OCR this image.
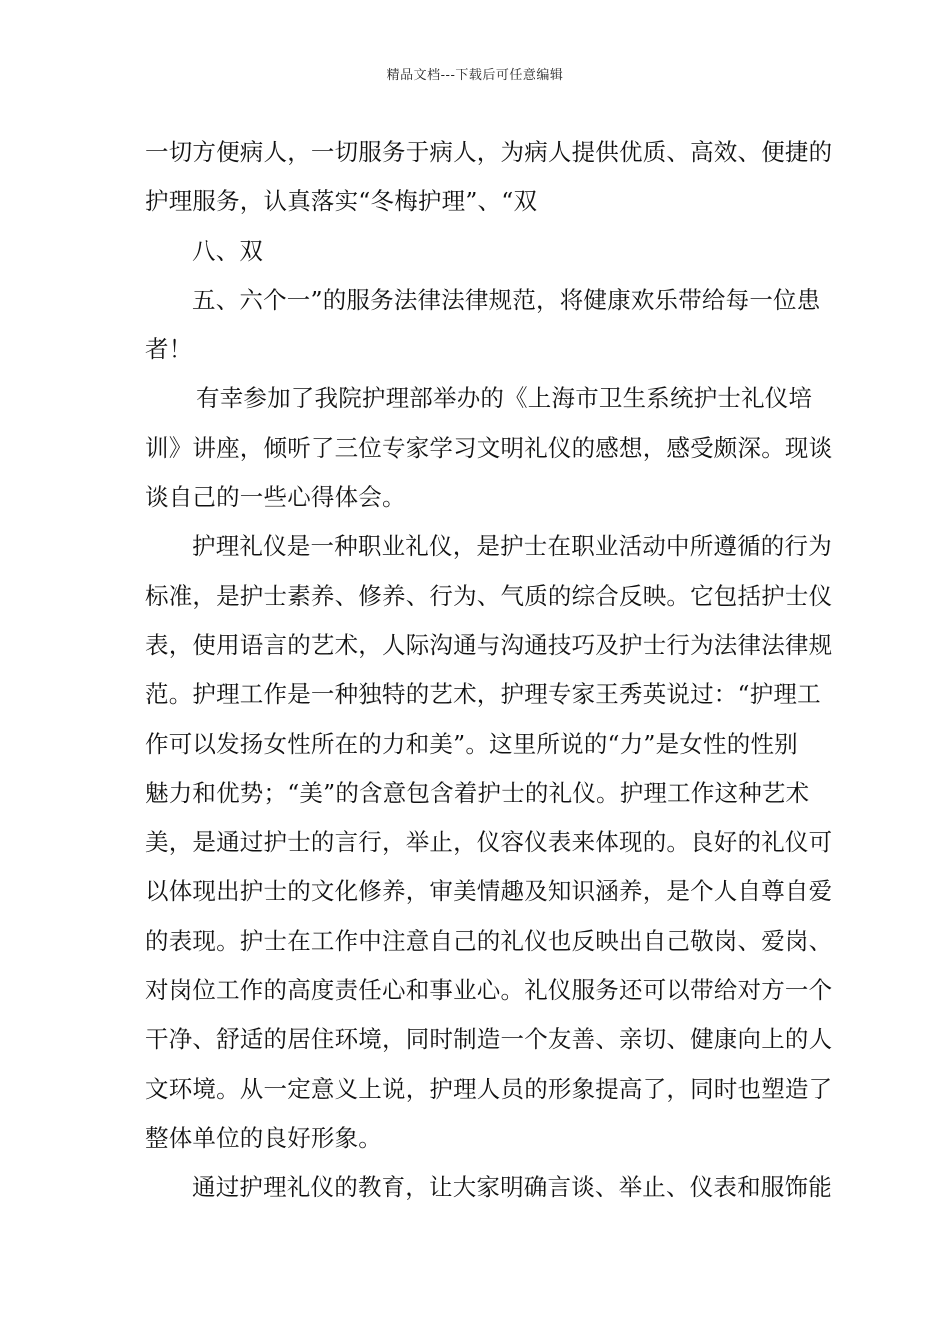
精品文档---下载后可任意编辑
一切方便病人，一切服务于病人，为病人提供优质、高效、便捷的
护理服务，认真落实“冬梅护理”、“双
八、双
五、六个一”的服务法律法律规范，将健康欢乐带给每一位患
者！
有幸参加了我院护理部举办的《上海市卫生系统护士礼仪培
训》讲座，倾听了三位专家学习文明礼仪的感想，感受颇深。现谈
谈自己的一些心得体会。
护理礼仪是一种职业礼仪，是护士在职业活动中所遵循的行为
标准，是护士素养、修养、行为、气质的综合反映。它包括护士仪
表，使用语言的艺术，人际沟通与沟通技巧及护士行为法律法律规
范。护理工作是一种独特的艺术，护理专家王秀英说过：“护理工
作可以发扬女性所在的力和美”。这里所说的“力”是女性的性别
魅力和优势；“美”的含意包含着护士的礼仪。护理工作这种艺术
美，是通过护士的言行，举止，仪容仪表来体现的。良好的礼仪可
以体现出护士的文化修养，审美情趣及知识涵养，是个人自尊自爱
的表现。护士在工作中注意自己的礼仪也反映出自己敬岗、爱岗、
对岗位工作的高度责任心和事业心。礼仪服务还可以带给对方一个
干净、舒适的居住环境，同时制造一个友善、亲切、健康向上的人
文环境。从一定意义上说，护理人员的形象提高了，同时也塑造了
整体单位的良好形象。
通过护理礼仪的教育，让大家明确言谈、举止、仪表和服饰能
